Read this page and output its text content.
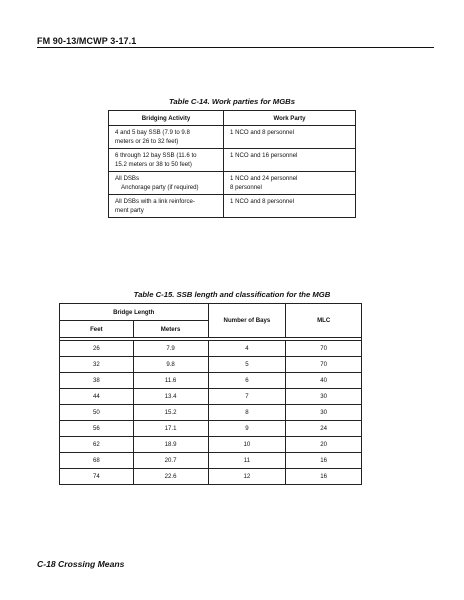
FM 90-13/MCWP 3-17.1
Table C-14. Work parties for MGBs
Bridging Activity	Work Party

4 and 5 bay SSB (7.9 to 9.8
meters or 26 to 32 feet)	1 NCO and 8 personnel

6 through 12 bay SSB (11.6 to
15.2 meters or 38 to 50 feet)	1 NCO and 16 personnel

All DSBs
Anchorage party (if required)	1 NCO and 24 personnel
8 personnel

All DSBs with a link reinforce-
ment party	1 NCO and 8 personnel
Table C-15. SSB length and classification for the MGB
Bridge Length		Number of Bays	MLC
Feet	Meters		

26	7.9	4	70
32	9.8	5	70
38	11.6	6	40
44	13.4	7	30
50	15.2	8	30
56	17.1	9	24
62	18.9	10	20
68	20.7	11	16
74	22.6	12	16
C-18 Crossing Means
